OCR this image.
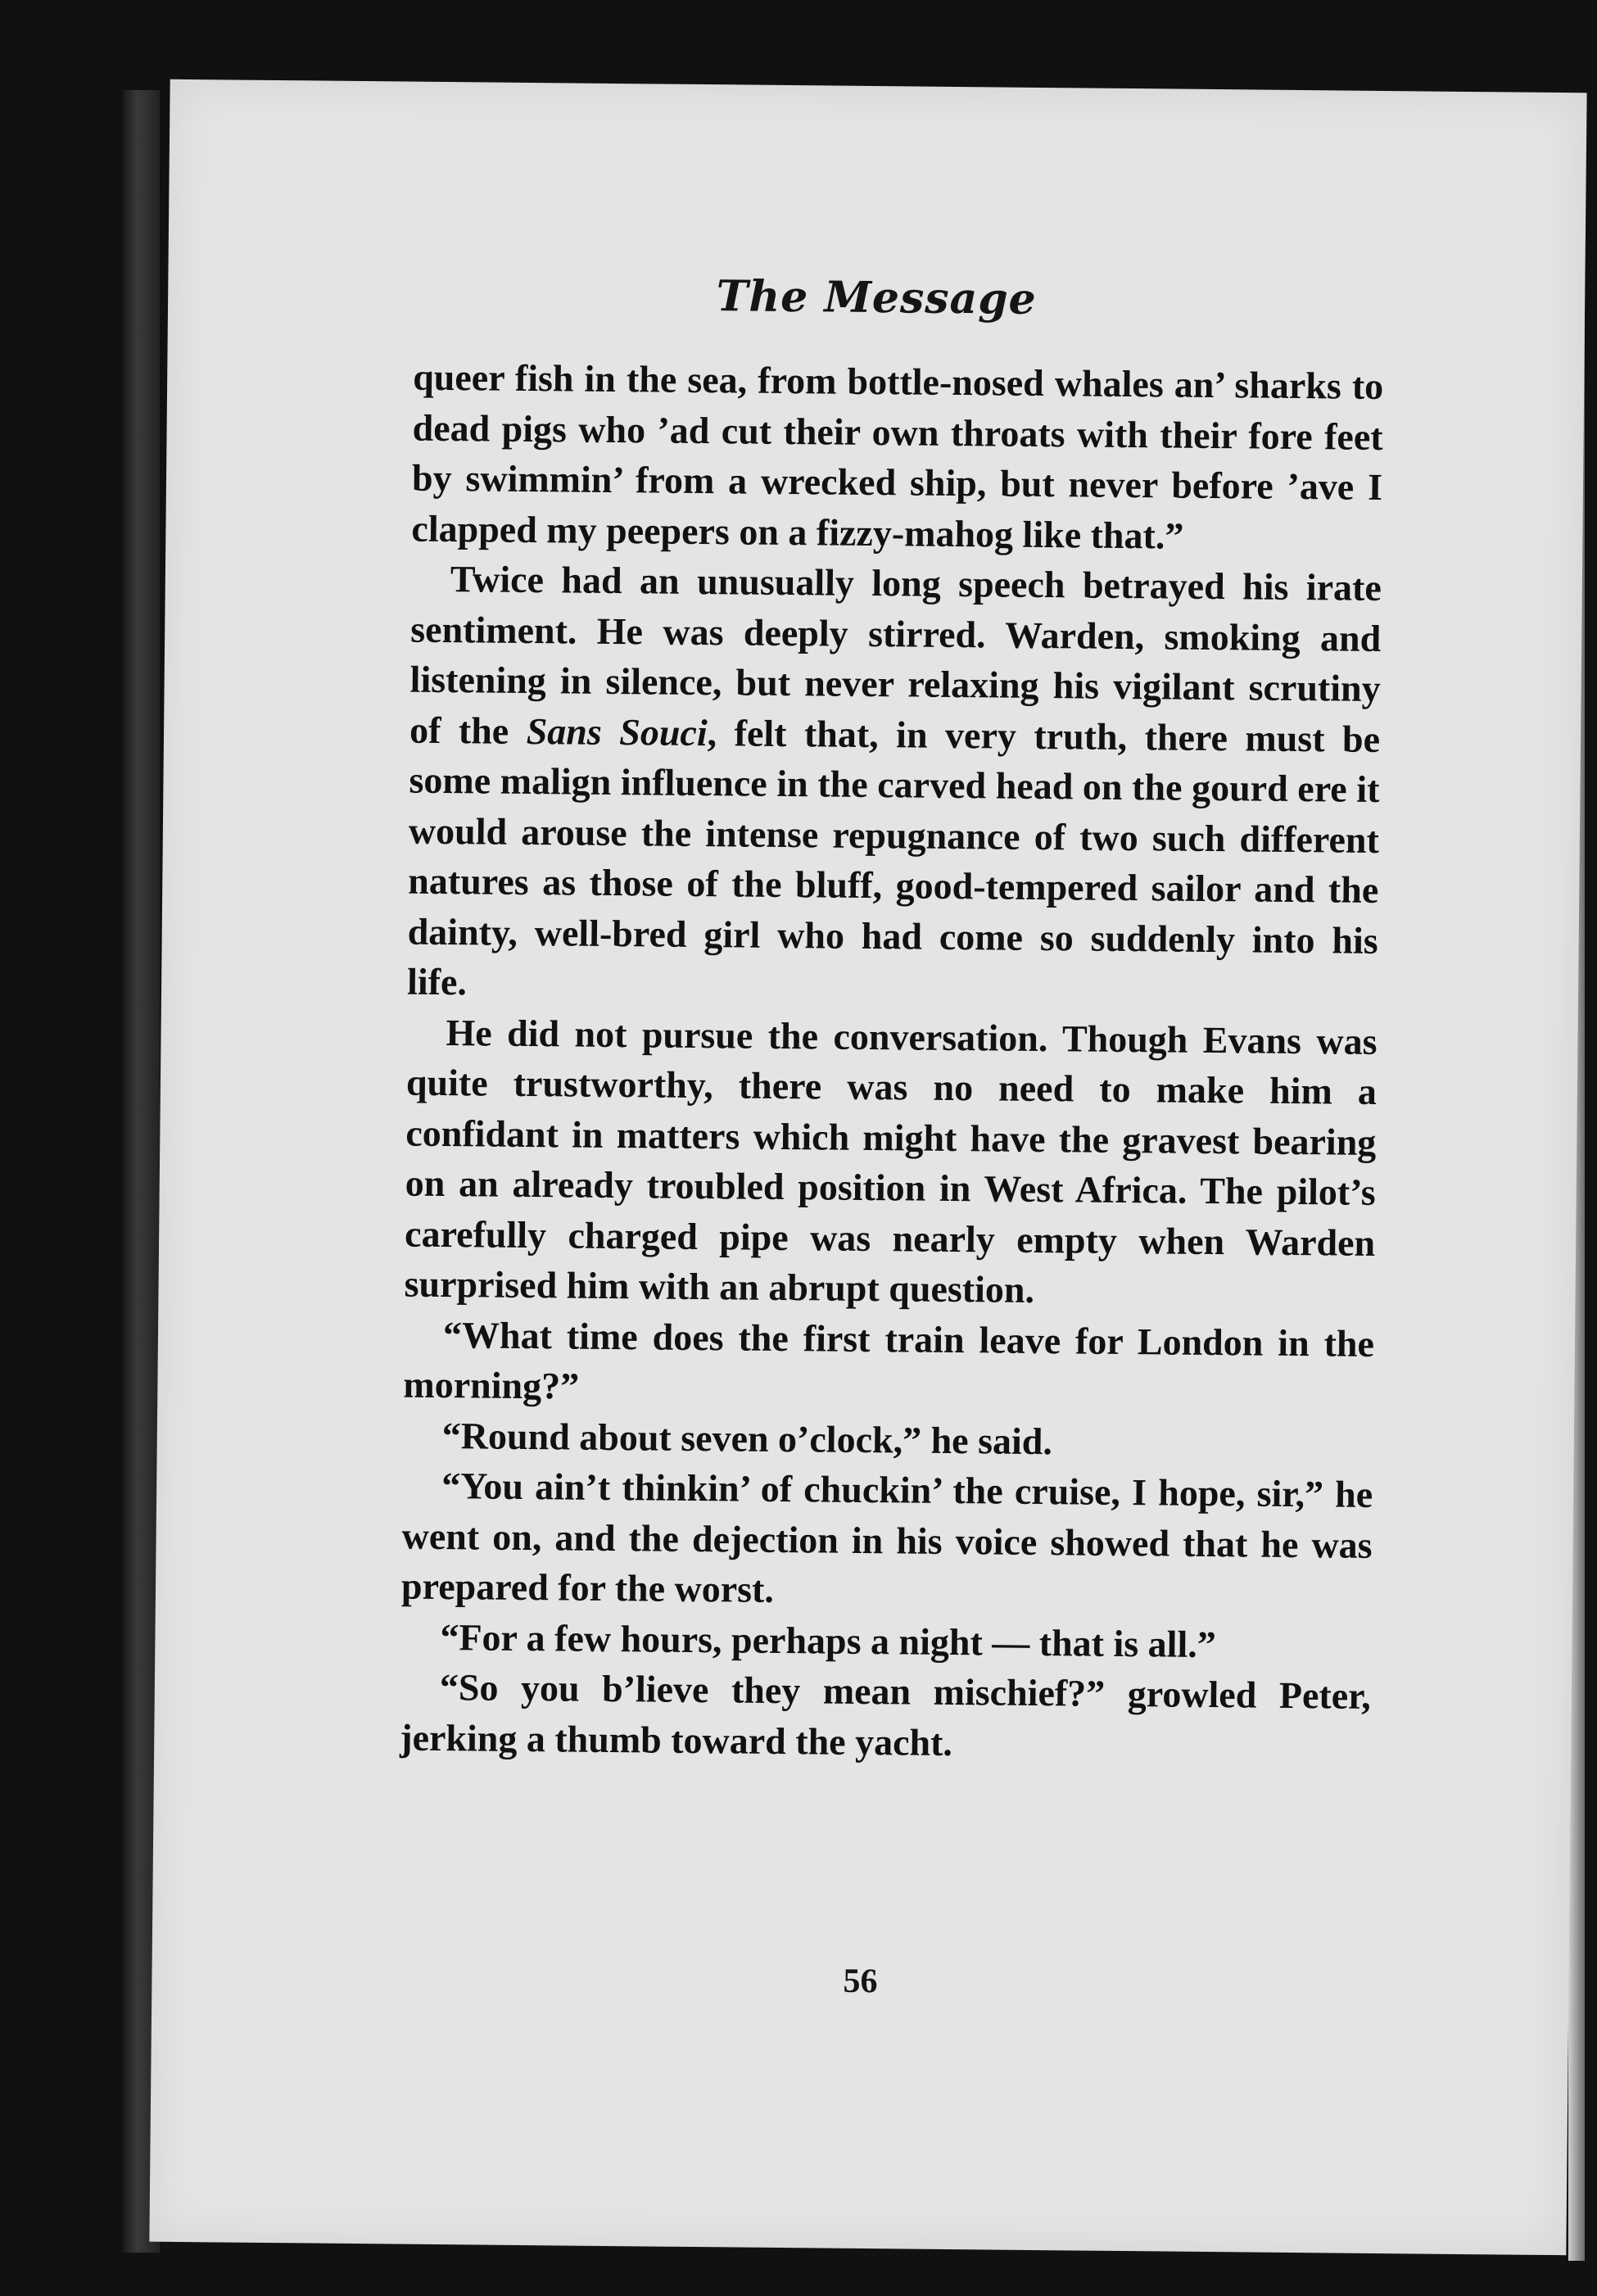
The Message

queer fish in the sea, from bottle-nosed whales an’ sharks to dead pigs who ’ad cut their own throats with their fore feet by swimmin’ from a wrecked ship, but never before ’ave I clapped my peepers on a fizzy-mahog like that.”

Twice had an unusually long speech betrayed his irate sentiment. He was deeply stirred. Warden, smoking and listening in silence, but never relaxing his vigilant scrutiny of the Sans Souci, felt that, in very truth, there must be some malign influence in the carved head on the gourd ere it would arouse the intense repugnance of two such different natures as those of the bluff, good-tempered sailor and the dainty, well-bred girl who had come so suddenly into his life.

He did not pursue the conversation. Though Evans was quite trustworthy, there was no need to make him a confidant in matters which might have the gravest bearing on an already troubled position in West Africa. The pilot’s carefully charged pipe was nearly empty when Warden surprised him with an abrupt question.

“What time does the first train leave for London in the morning?”

“Round about seven o’clock,” he said.

“You ain’t thinkin’ of chuckin’ the cruise, I hope, sir,” he went on, and the dejection in his voice showed that he was prepared for the worst.

“For a few hours, perhaps a night — that is all.”

“So you b’lieve they mean mischief?” growled Peter, jerking a thumb toward the yacht.

56
